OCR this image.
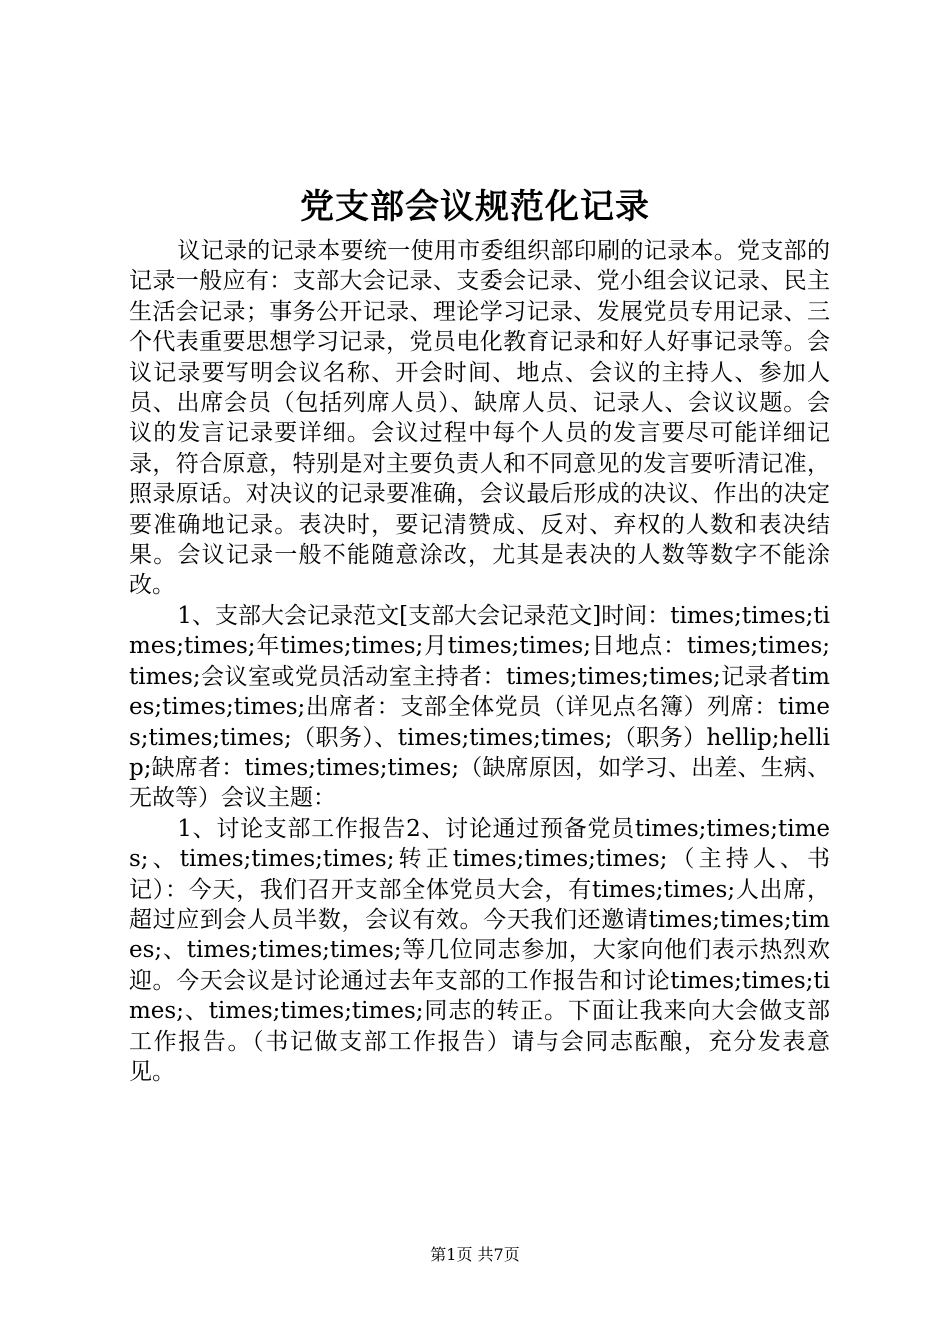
党支部会议规范化记录

议记录的记录本要统一使用市委组织部印刷的记录本。党支部的记录一般应有：支部大会记录、支委会记录、党小组会议记录、民主生活会记录；事务公开记录、理论学习记录、发展党员专用记录、三个代表重要思想学习记录，党员电化教育记录和好人好事记录等。会议记录要写明会议名称、开会时间、地点、会议的主持人、参加人员、出席会员（包括列席人员）、缺席人员、记录人、会议议题。会议的发言记录要详细。会议过程中每个人员的发言要尽可能详细记录，符合原意，特别是对主要负责人和不同意见的发言要听清记准，照录原话。对决议的记录要准确，会议最后形成的决议、作出的决定要准确地记录。表决时，要记清赞成、反对、弃权的人数和表决结果。会议记录一般不能随意涂改，尤其是表决的人数等数字不能涂改。

1、支部大会记录范文[支部大会记录范文]时间：times;times;times;times;年times;times;月times;times;日地点：times;times;times;会议室或党员活动室主持者：times;times;times;记录者times;times;times;出席者：支部全体党员（详见点名簿）列席：times;times;times;（职务）、times;times;times;（职务）hellip;hellip;缺席者：times;times;times;（缺席原因，如学习、出差、生病、无故等）会议主题：

1、讨论支部工作报告2、讨论通过预备党员times;times;times;、times;times;times;转正times;times;times;（主持人、书记）：今天，我们召开支部全体党员大会，有times;times;人出席，超过应到会人员半数，会议有效。今天我们还邀请times;times;times;、times;times;times;等几位同志参加，大家向他们表示热烈欢迎。今天会议是讨论通过去年支部的工作报告和讨论times;times;times;、times;times;times;同志的转正。下面让我来向大会做支部工作报告。（书记做支部工作报告）请与会同志酝酿，充分发表意见。

第1页 共7页
